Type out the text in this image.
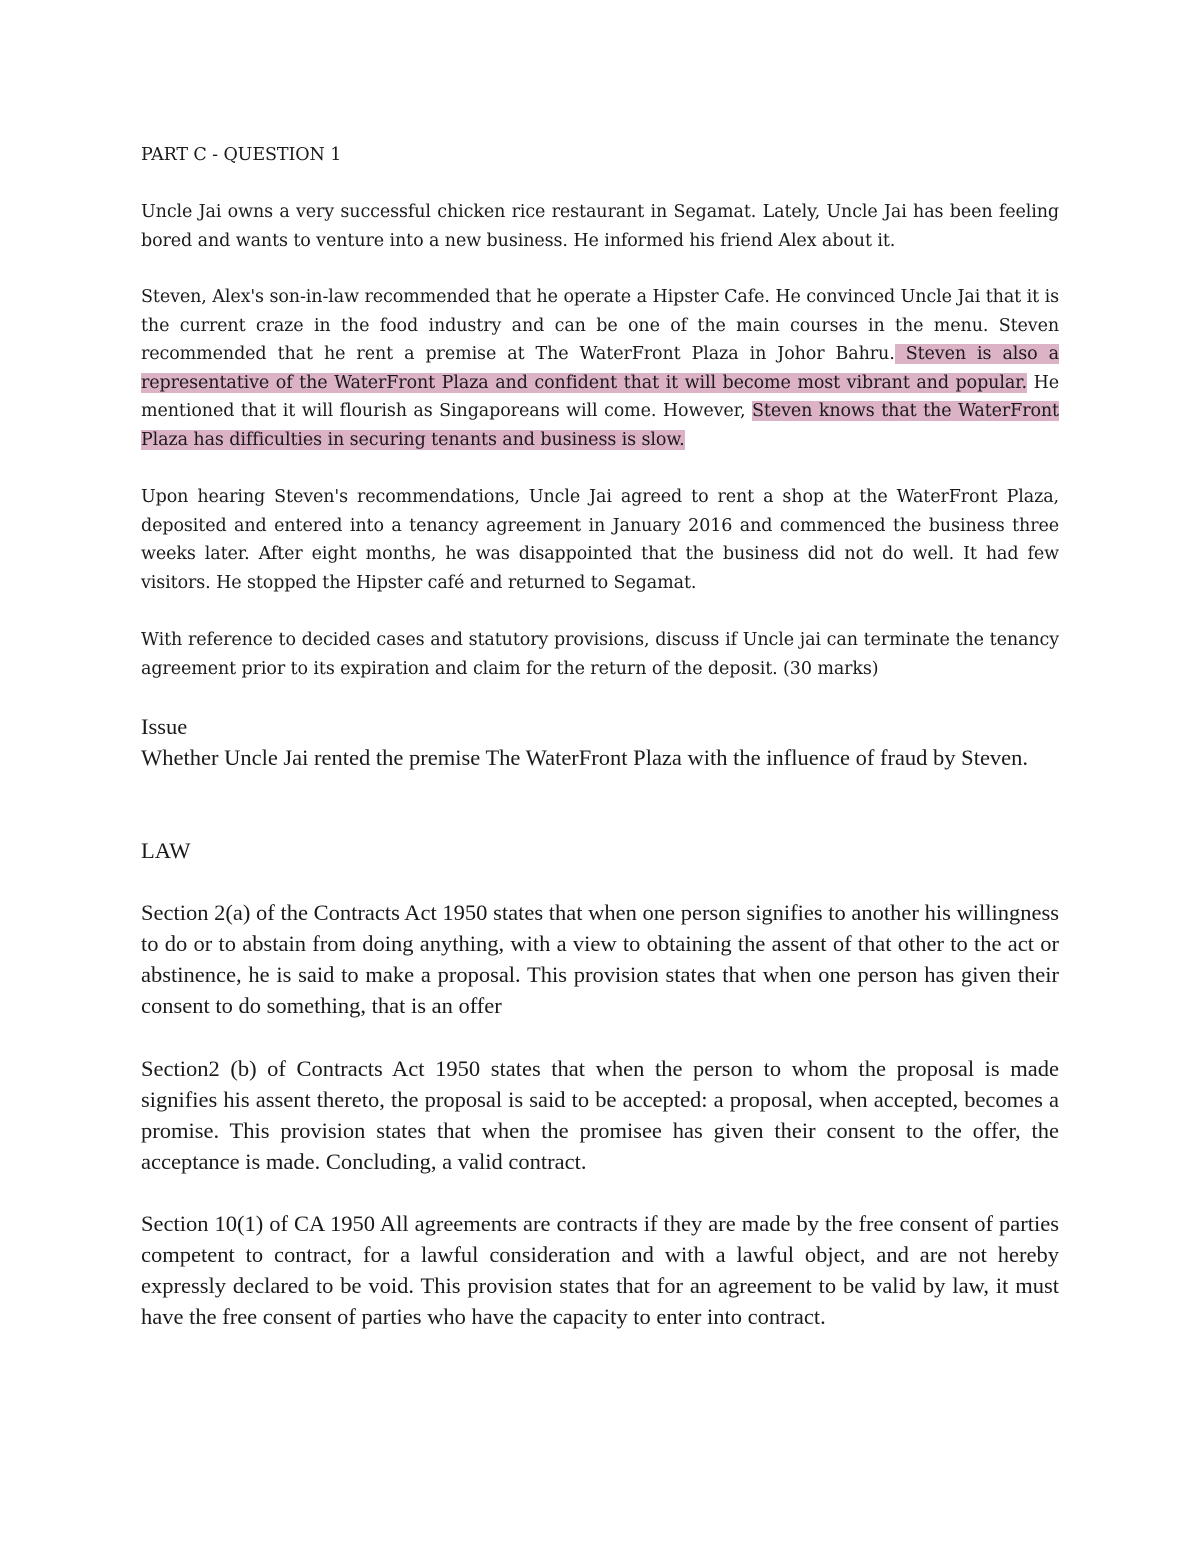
PART C - QUESTION 1

Uncle Jai owns a very successful chicken rice restaurant in Segamat. Lately, Uncle Jai has been feeling bored and wants to venture into a new business. He informed his friend Alex about it.

Steven, Alex's son-in-law recommended that he operate a Hipster Cafe. He convinced Uncle Jai that it is the current craze in the food industry and can be one of the main courses in the menu. Steven recommended that he rent a premise at The WaterFront Plaza in Johor Bahru. Steven is also a representative of the WaterFront Plaza and confident that it will become most vibrant and popular. He mentioned that it will flourish as Singaporeans will come. However, Steven knows that the WaterFront Plaza has difficulties in securing tenants and business is slow.

Upon hearing Steven's recommendations, Uncle Jai agreed to rent a shop at the WaterFront Plaza, deposited and entered into a tenancy agreement in January 2016 and commenced the business three weeks later. After eight months, he was disappointed that the business did not do well. It had few visitors. He stopped the Hipster café and returned to Segamat.

With reference to decided cases and statutory provisions, discuss if Uncle jai can terminate the tenancy agreement prior to its expiration and claim for the return of the deposit. (30 marks)

Issue

Whether Uncle Jai rented the premise The WaterFront Plaza with the influence of fraud by Steven.

LAW

Section 2(a) of the Contracts Act 1950 states that when one person signifies to another his willingness to do or to abstain from doing anything, with a view to obtaining the assent of that other to the act or abstinence, he is said to make a proposal. This provision states that when one person has given their consent to do something, that is an offer

Section2 (b) of Contracts Act 1950 states that when the person to whom the proposal is made signifies his assent thereto, the proposal is said to be accepted: a proposal, when accepted, becomes a promise. This provision states that when the promisee has given their consent to the offer, the acceptance is made. Concluding, a valid contract.

Section 10(1) of CA 1950 All agreements are contracts if they are made by the free consent of parties competent to contract, for a lawful consideration and with a lawful object, and are not hereby expressly declared to be void. This provision states that for an agreement to be valid by law, it must have the free consent of parties who have the capacity to enter into contract.
